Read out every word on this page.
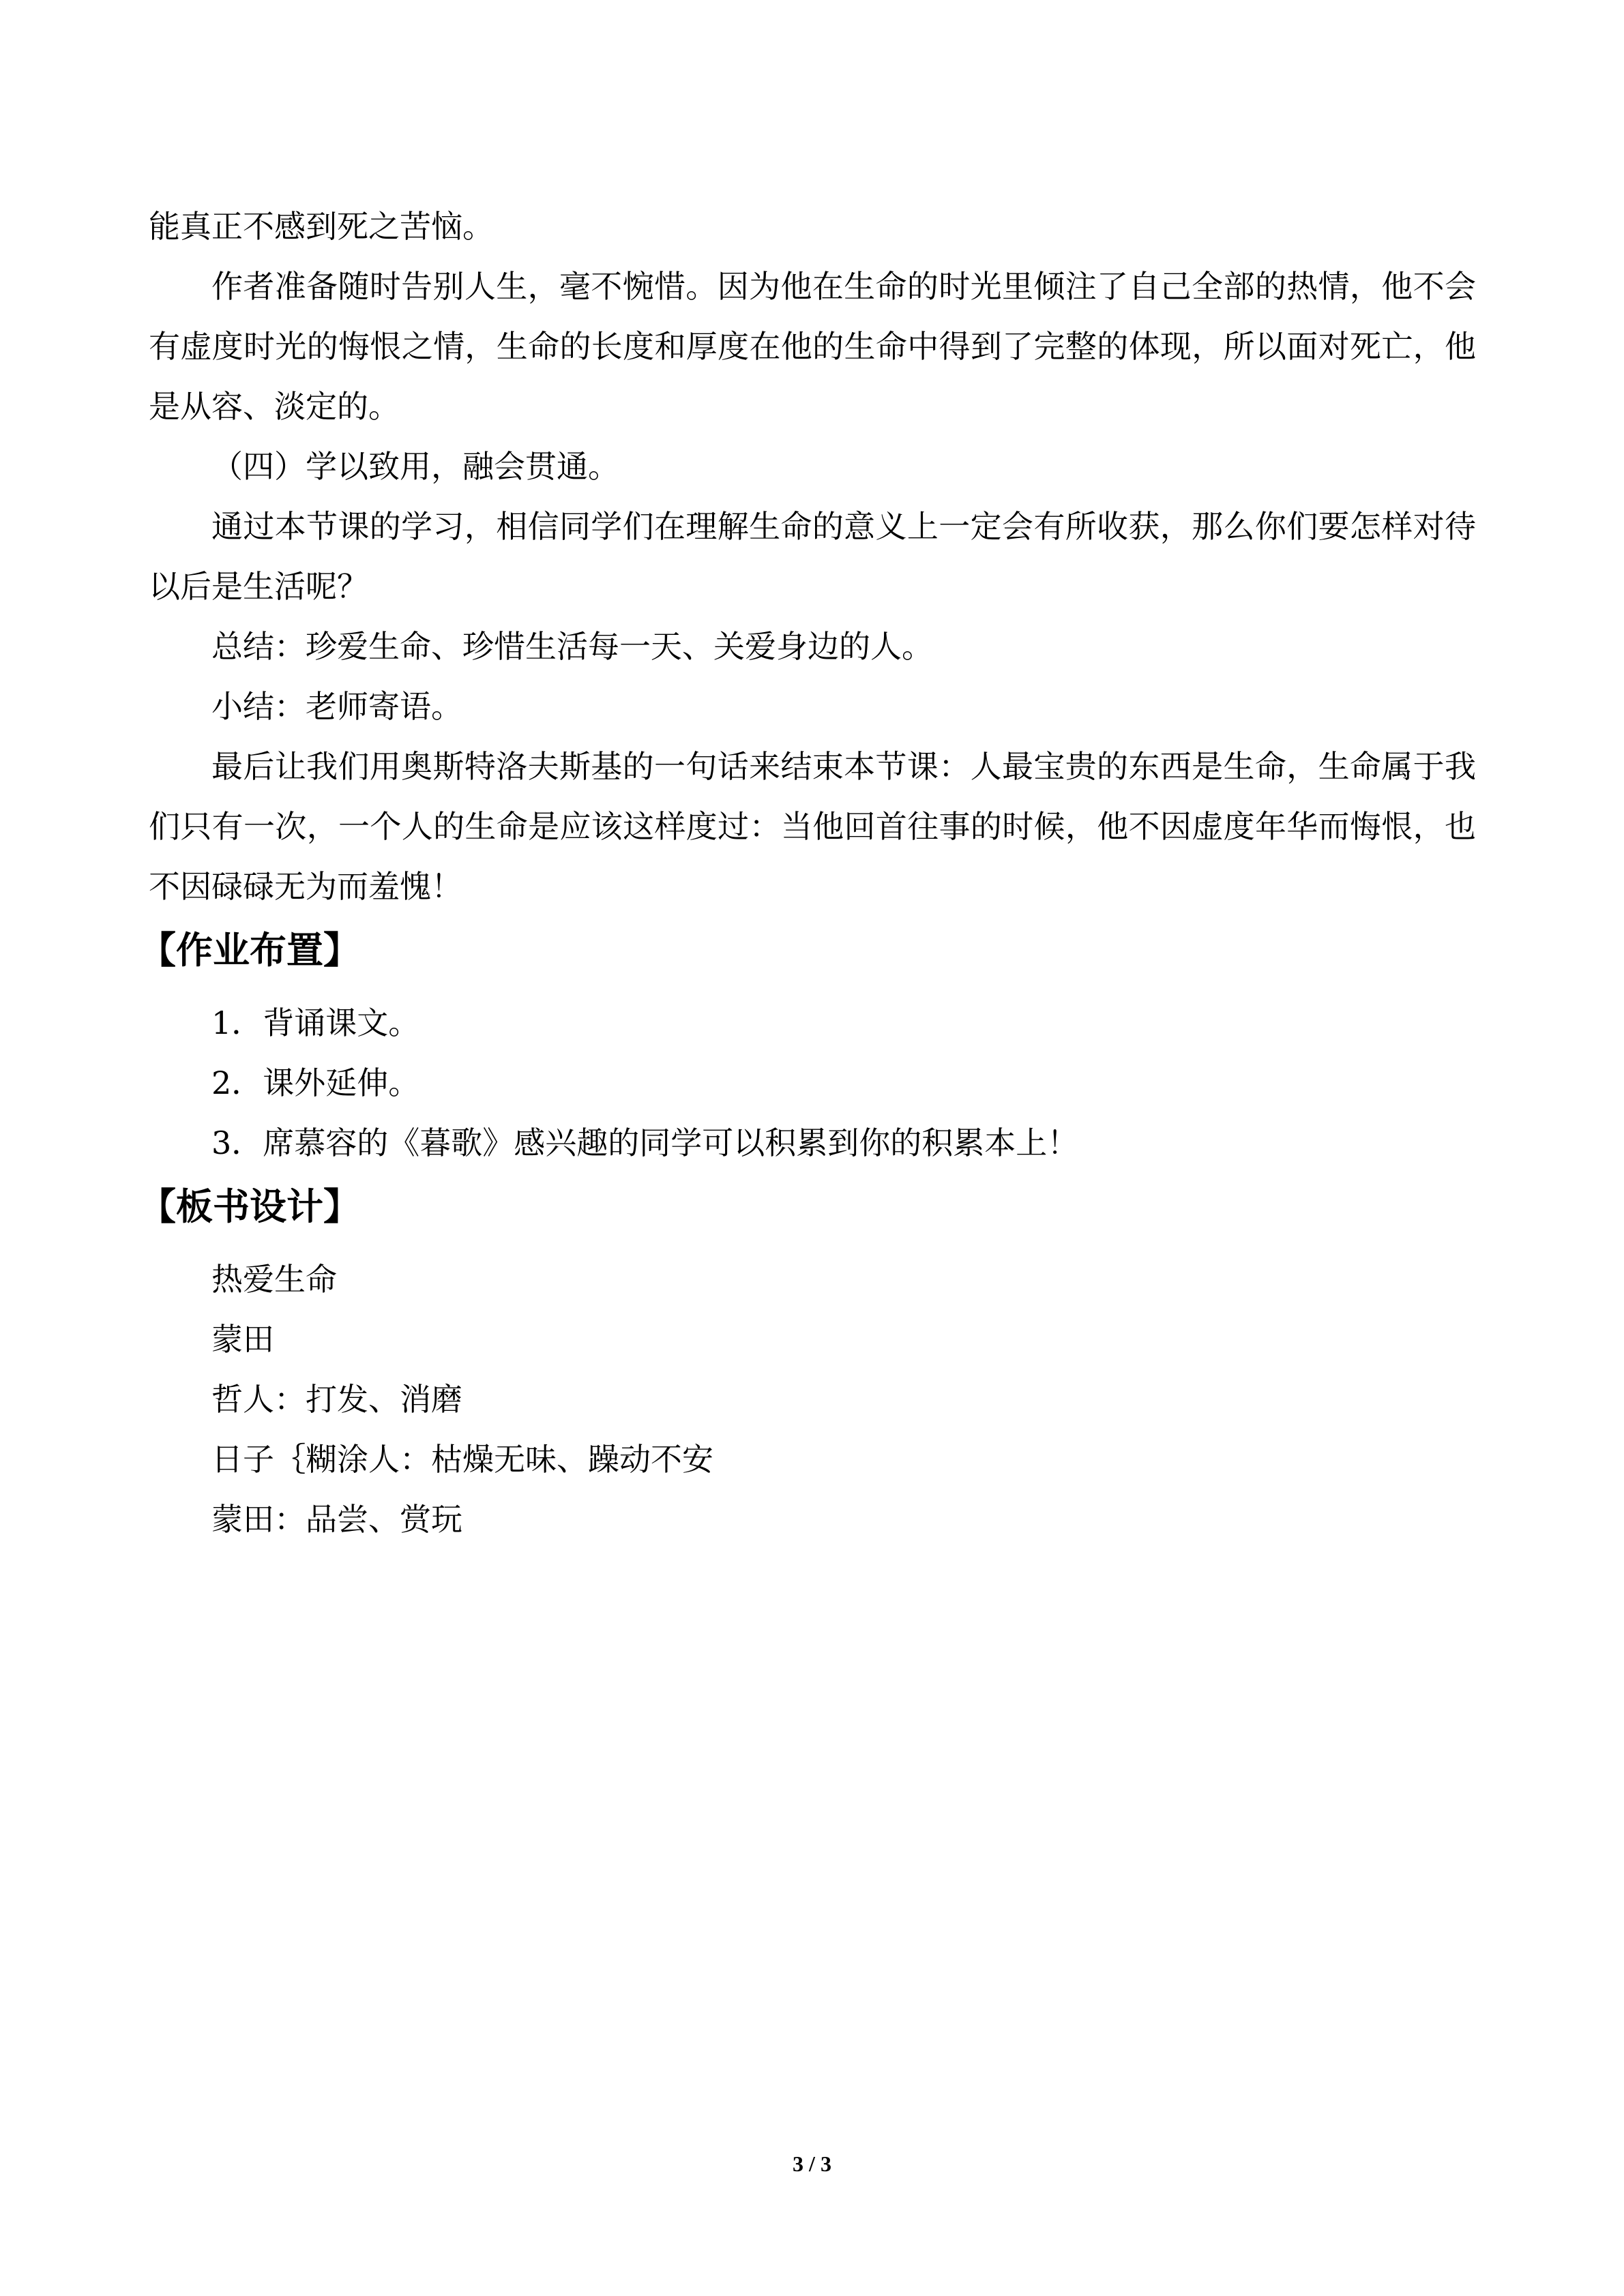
能真正不感到死之苦恼。

作者准备随时告别人生，毫不惋惜。因为他在生命的时光里倾注了自己全部的热情，他不会有虚度时光的悔恨之情，生命的长度和厚度在他的生命中得到了完整的体现，所以面对死亡，他是从容、淡定的。

（四）学以致用，融会贯通。

通过本节课的学习，相信同学们在理解生命的意义上一定会有所收获，那么你们要怎样对待以后是生活呢？

总结：珍爱生命、珍惜生活每一天、关爱身边的人。

小结：老师寄语。

最后让我们用奥斯特洛夫斯基的一句话来结束本节课：人最宝贵的东西是生命，生命属于我们只有一次，一个人的生命是应该这样度过：当他回首往事的时候，他不因虚度年华而悔恨，也不因碌碌无为而羞愧！

【作业布置】
1．背诵课文。
2．课外延伸。
3．席慕容的《暮歌》感兴趣的同学可以积累到你的积累本上！
【板书设计】

热爱生命

蒙田

哲人：打发、消磨

日子｛糊涂人：枯燥无味、躁动不安

蒙田：品尝、赏玩

3 / 3
